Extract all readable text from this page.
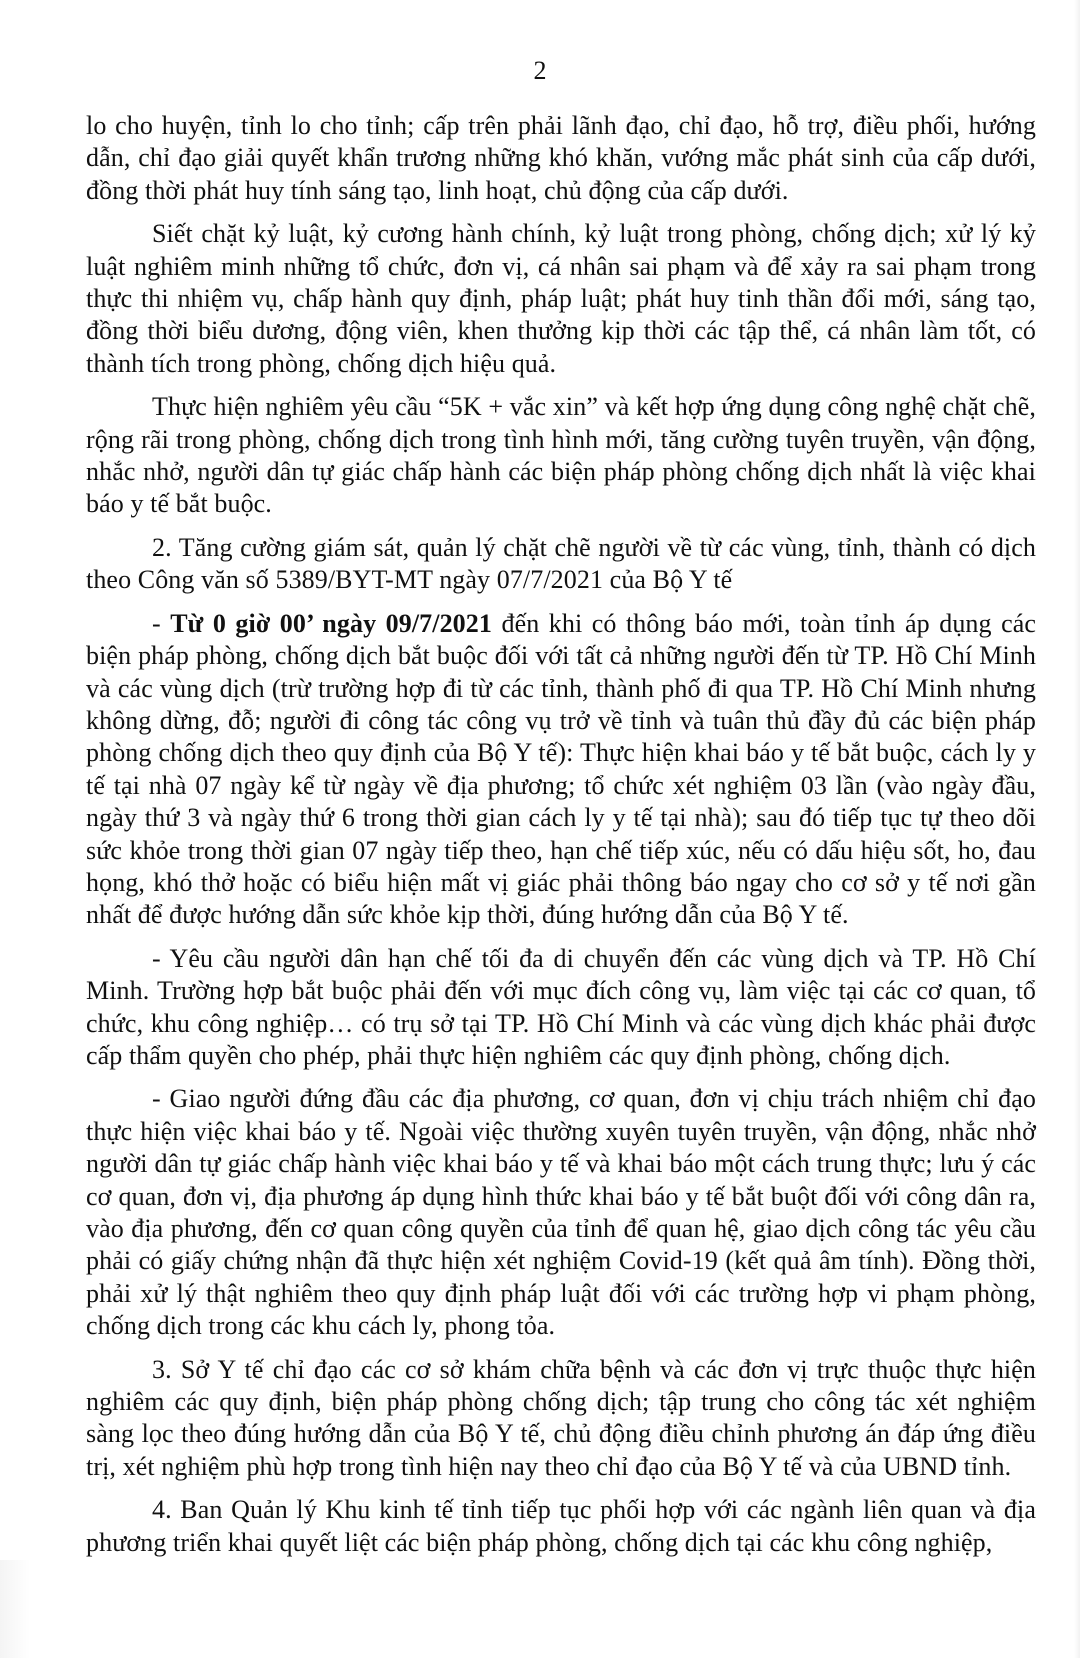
2

lo cho huyện, tỉnh lo cho tỉnh; cấp trên phải lãnh đạo, chỉ đạo, hỗ trợ, điều phối, hướng dẫn, chỉ đạo giải quyết khẩn trương những khó khăn, vướng mắc phát sinh của cấp dưới, đồng thời phát huy tính sáng tạo, linh hoạt, chủ động của cấp dưới.

Siết chặt kỷ luật, kỷ cương hành chính, kỷ luật trong phòng, chống dịch; xử lý kỷ luật nghiêm minh những tổ chức, đơn vị, cá nhân sai phạm và để xảy ra sai phạm trong thực thi nhiệm vụ, chấp hành quy định, pháp luật; phát huy tinh thần đổi mới, sáng tạo, đồng thời biểu dương, động viên, khen thưởng kịp thời các tập thể, cá nhân làm tốt, có thành tích trong phòng, chống dịch hiệu quả.

Thực hiện nghiêm yêu cầu “5K + vắc xin” và kết hợp ứng dụng công nghệ chặt chẽ, rộng rãi trong phòng, chống dịch trong tình hình mới, tăng cường tuyên truyền, vận động, nhắc nhở, người dân tự giác chấp hành các biện pháp phòng chống dịch nhất là việc khai báo y tế bắt buộc.

2. Tăng cường giám sát, quản lý chặt chẽ người về từ các vùng, tỉnh, thành có dịch theo Công văn số 5389/BYT-MT ngày 07/7/2021 của Bộ Y tế

- Từ 0 giờ 00’ ngày 09/7/2021 đến khi có thông báo mới, toàn tỉnh áp dụng các biện pháp phòng, chống dịch bắt buộc đối với tất cả những người đến từ TP. Hồ Chí Minh và các vùng dịch (trừ trường hợp đi từ các tỉnh, thành phố đi qua TP. Hồ Chí Minh nhưng không dừng, đỗ; người đi công tác công vụ trở về tỉnh và tuân thủ đầy đủ các biện pháp phòng chống dịch theo quy định của Bộ Y tế): Thực hiện khai báo y tế bắt buộc, cách ly y tế tại nhà 07 ngày kể từ ngày về địa phương; tổ chức xét nghiệm 03 lần (vào ngày đầu, ngày thứ 3 và ngày thứ 6 trong thời gian cách ly y tế tại nhà); sau đó tiếp tục tự theo dõi sức khỏe trong thời gian 07 ngày tiếp theo, hạn chế tiếp xúc, nếu có dấu hiệu sốt, ho, đau họng, khó thở hoặc có biểu hiện mất vị giác phải thông báo ngay cho cơ sở y tế nơi gần nhất để được hướng dẫn sức khỏe kịp thời, đúng hướng dẫn của Bộ Y tế.

- Yêu cầu người dân hạn chế tối đa di chuyển đến các vùng dịch và TP. Hồ Chí Minh. Trường hợp bắt buộc phải đến với mục đích công vụ, làm việc tại các cơ quan, tổ chức, khu công nghiệp… có trụ sở tại TP. Hồ Chí Minh và các vùng dịch khác phải được cấp thẩm quyền cho phép, phải thực hiện nghiêm các quy định phòng, chống dịch.

- Giao người đứng đầu các địa phương, cơ quan, đơn vị chịu trách nhiệm chỉ đạo thực hiện việc khai báo y tế. Ngoài việc thường xuyên tuyên truyền, vận động, nhắc nhở người dân tự giác chấp hành việc khai báo y tế và khai báo một cách trung thực; lưu ý các cơ quan, đơn vị, địa phương áp dụng hình thức khai báo y tế bắt buột đối với công dân ra, vào địa phương, đến cơ quan công quyền của tỉnh để quan hệ, giao dịch công tác yêu cầu phải có giấy chứng nhận đã thực hiện xét nghiệm Covid-19 (kết quả âm tính). Đồng thời, phải xử lý thật nghiêm theo quy định pháp luật đối với các trường hợp vi phạm phòng, chống dịch trong các khu cách ly, phong tỏa.

3. Sở Y tế chỉ đạo các cơ sở khám chữa bệnh và các đơn vị trực thuộc thực hiện nghiêm các quy định, biện pháp phòng chống dịch; tập trung cho công tác xét nghiệm sàng lọc theo đúng hướng dẫn của Bộ Y tế, chủ động điều chỉnh phương án đáp ứng điều trị, xét nghiệm phù hợp trong tình hiện nay theo chỉ đạo của Bộ Y tế và của UBND tỉnh.

4. Ban Quản lý Khu kinh tế tỉnh tiếp tục phối hợp với các ngành liên quan và địa phương triển khai quyết liệt các biện pháp phòng, chống dịch tại các khu công nghiệp,
